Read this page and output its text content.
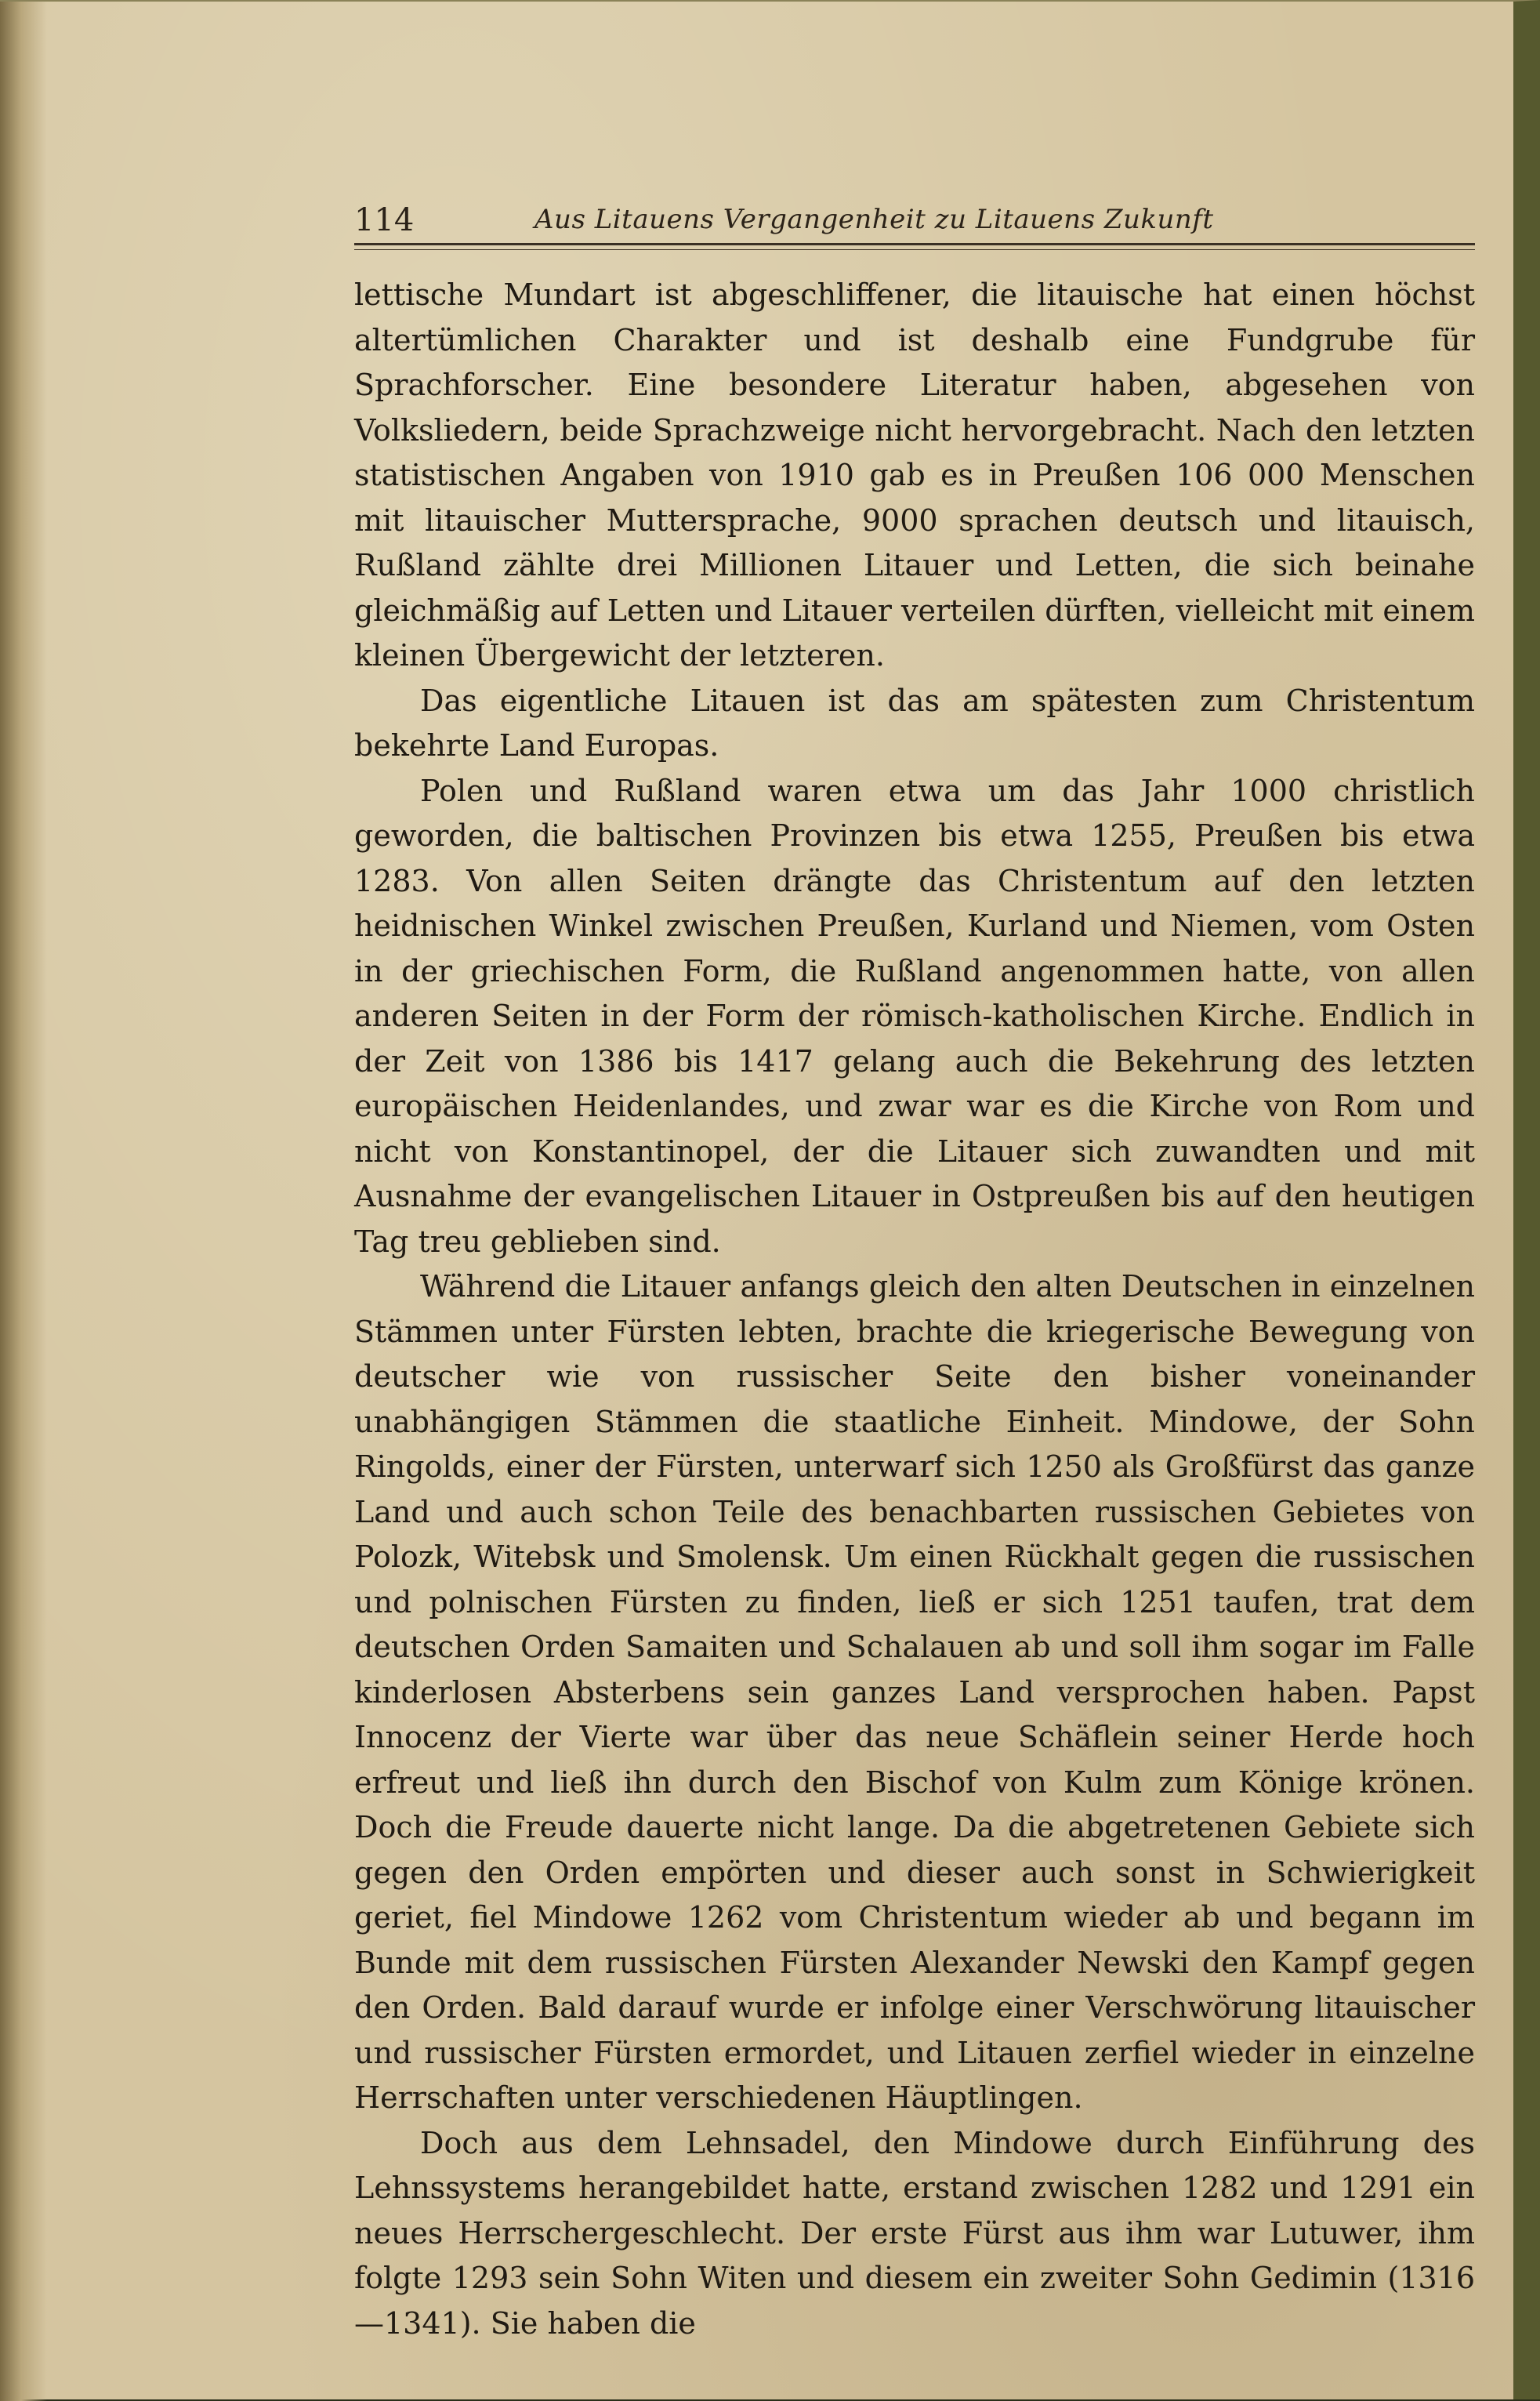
114	Aus Litauens Vergangenheit zu Litauens Zukunft

lettische Mundart ist abgeschliffener, die litauische hat einen höchst altertümlichen Charakter und ist deshalb eine Fundgrube für Sprachforscher. Eine besondere Literatur haben, abgesehen von Volksliedern, beide Sprachzweige nicht hervorgebracht. Nach den letzten statistischen Angaben von 1910 gab es in Preußen 106 000 Menschen mit litauischer Muttersprache, 9000 sprachen deutsch und litauisch, Rußland zählte drei Millionen Litauer und Letten, die sich beinahe gleichmäßig auf Letten und Litauer verteilen dürften, vielleicht mit einem kleinen Übergewicht der letzteren.

Das eigentliche Litauen ist das am spätesten zum Christentum bekehrte Land Europas.

Polen und Rußland waren etwa um das Jahr 1000 christlich geworden, die baltischen Provinzen bis etwa 1255, Preußen bis etwa 1283. Von allen Seiten drängte das Christentum auf den letzten heidnischen Winkel zwischen Preußen, Kurland und Niemen, vom Osten in der griechischen Form, die Rußland angenommen hatte, von allen anderen Seiten in der Form der römisch-katholischen Kirche. Endlich in der Zeit von 1386 bis 1417 gelang auch die Bekehrung des letzten europäischen Heidenlandes, und zwar war es die Kirche von Rom und nicht von Konstantinopel, der die Litauer sich zuwandten und mit Ausnahme der evangelischen Litauer in Ostpreußen bis auf den heutigen Tag treu geblieben sind.

Während die Litauer anfangs gleich den alten Deutschen in einzelnen Stämmen unter Fürsten lebten, brachte die kriegerische Bewegung von deutscher wie von russischer Seite den bisher voneinander unabhängigen Stämmen die staatliche Einheit. Mindowe, der Sohn Ringolds, einer der Fürsten, unterwarf sich 1250 als Großfürst das ganze Land und auch schon Teile des benachbarten russischen Gebietes von Polozk, Witebsk und Smolensk. Um einen Rückhalt gegen die russischen und polnischen Fürsten zu finden, ließ er sich 1251 taufen, trat dem deutschen Orden Samaiten und Schalauen ab und soll ihm sogar im Falle kinderlosen Absterbens sein ganzes Land versprochen haben. Papst Innocenz der Vierte war über das neue Schäflein seiner Herde hoch erfreut und ließ ihn durch den Bischof von Kulm zum Könige krönen. Doch die Freude dauerte nicht lange. Da die abgetretenen Gebiete sich gegen den Orden empörten und dieser auch sonst in Schwierigkeit geriet, fiel Mindowe 1262 vom Christentum wieder ab und begann im Bunde mit dem russischen Fürsten Alexander Newski den Kampf gegen den Orden. Bald darauf wurde er infolge einer Verschwörung litauischer und russischer Fürsten ermordet, und Litauen zerfiel wieder in einzelne Herrschaften unter verschiedenen Häuptlingen.

Doch aus dem Lehnsadel, den Mindowe durch Einführung des Lehnssystems herangebildet hatte, erstand zwischen 1282 und 1291 ein neues Herrschergeschlecht. Der erste Fürst aus ihm war Lutuwer, ihm folgte 1293 sein Sohn Witen und diesem ein zweiter Sohn Gedimin (1316—1341). Sie haben die
